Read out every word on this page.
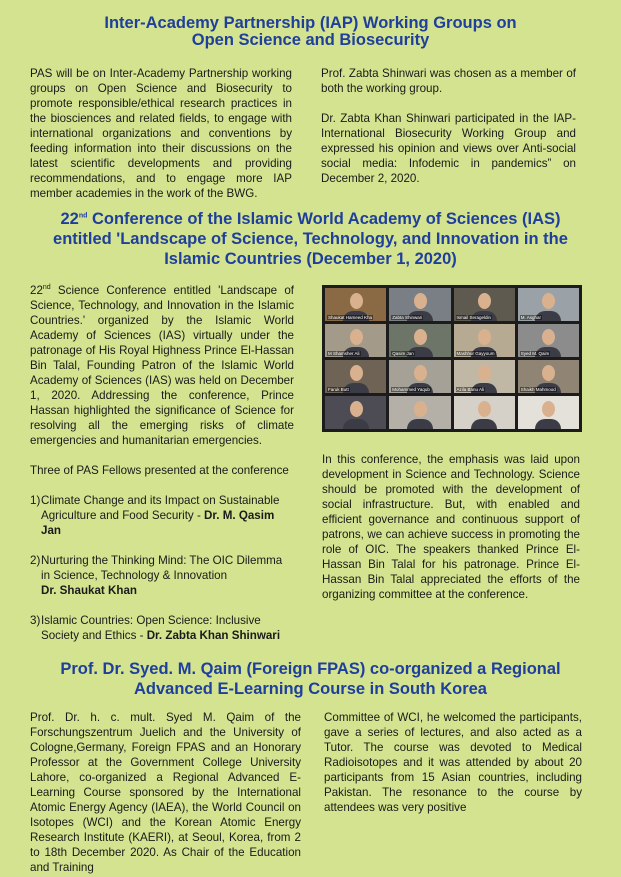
Inter-Academy Partnership (IAP) Working Groups on
Open Science and Biosecurity

PAS will be on Inter-Academy Partnership working groups on Open Science and Biosecurity to promote responsible/ethical research practices in the biosciences and related fields, to engage with international organizations and conventions by feeding information into their discussions on the latest scientific developments and providing recommendations, and to engage more IAP member academies in the work of the BWG.

Prof. Zabta Shinwari was chosen as a member of both the working group.

Dr. Zabta Khan Shinwari participated in the IAP-International Biosecurity Working Group and expressed his opinion and views over Anti-social social media: Infodemic in pandemics” on December 2, 2020.

22nd Conference of the Islamic World Academy of Sciences (IAS)
entitled 'Landscape of Science, Technology, and Innovation in the
Islamic Countries (December 1, 2020)

22nd Science Conference entitled 'Landscape of Science, Technology, and Innovation in the Islamic Countries.' organized by the Islamic World Academy of Sciences (IAS) virtually under the patronage of His Royal Highness Prince El-Hassan Bin Talal, Founding Patron of the Islamic World Academy of Sciences (IAS) was held on December 1, 2020. Addressing the conference, Prince Hassan highlighted the significance of Science for resolving all the emerging risks of climate emergencies and humanitarian emergencies.

Three of PAS Fellows presented at the conference

1) Climate Change and its Impact on Sustainable Agriculture and Food Security - Dr. M. Qasim Jan
2) Nurturing the Thinking Mind: The OIC Dilemma in Science, Technology & Innovation
Dr. Shaukat Khan
3) Islamic Countries: Open Science: Inclusive Society and Ethics - Dr. Zabta Khan Shinwari
Shaukat Hameed Kha	Zabta Shinwari	Ismail Serageldin	M. Asghar
M Shamsher Ali	Qasim Jan	Mashhur Gayyoum	Syed M. Qaim
Faruk Butt	Mohammed Yaqub	Azila Banu Ali	Shaikh Mahmood

In this conference, the emphasis was laid upon development in Science and Technology. Science should be promoted with the development of social infrastructure. But, with enabled and efficient governance and continuous support of patrons, we can achieve success in promoting the role of OIC. The speakers thanked Prince El-Hassan Bin Talal for his patronage. Prince El-Hassan Bin Talal appreciated the efforts of the organizing committee at the conference.

Prof. Dr. Syed. M. Qaim (Foreign FPAS) co-organized a Regional
Advanced E-Learning Course in South Korea

Prof. Dr. h. c. mult. Syed M. Qaim of the Forschungszentrum Juelich and the University of Cologne,Germany, Foreign FPAS and an Honorary Professor at the Government College University Lahore, co-organized a Regional Advanced E-Learning Course sponsored by the International Atomic Energy Agency (IAEA), the World Council on Isotopes (WCI) and the Korean Atomic Energy Research Institute (KAERI), at Seoul, Korea, from 2 to 18th December 2020. As Chair of the Education and Training

Committee of WCI, he welcomed the participants, gave a series of lectures, and also acted as a Tutor. The course was devoted to Medical Radioisotopes and it was attended by about 20 participants from 15 Asian countries, including Pakistan. The resonance to the course by attendees was very positive
